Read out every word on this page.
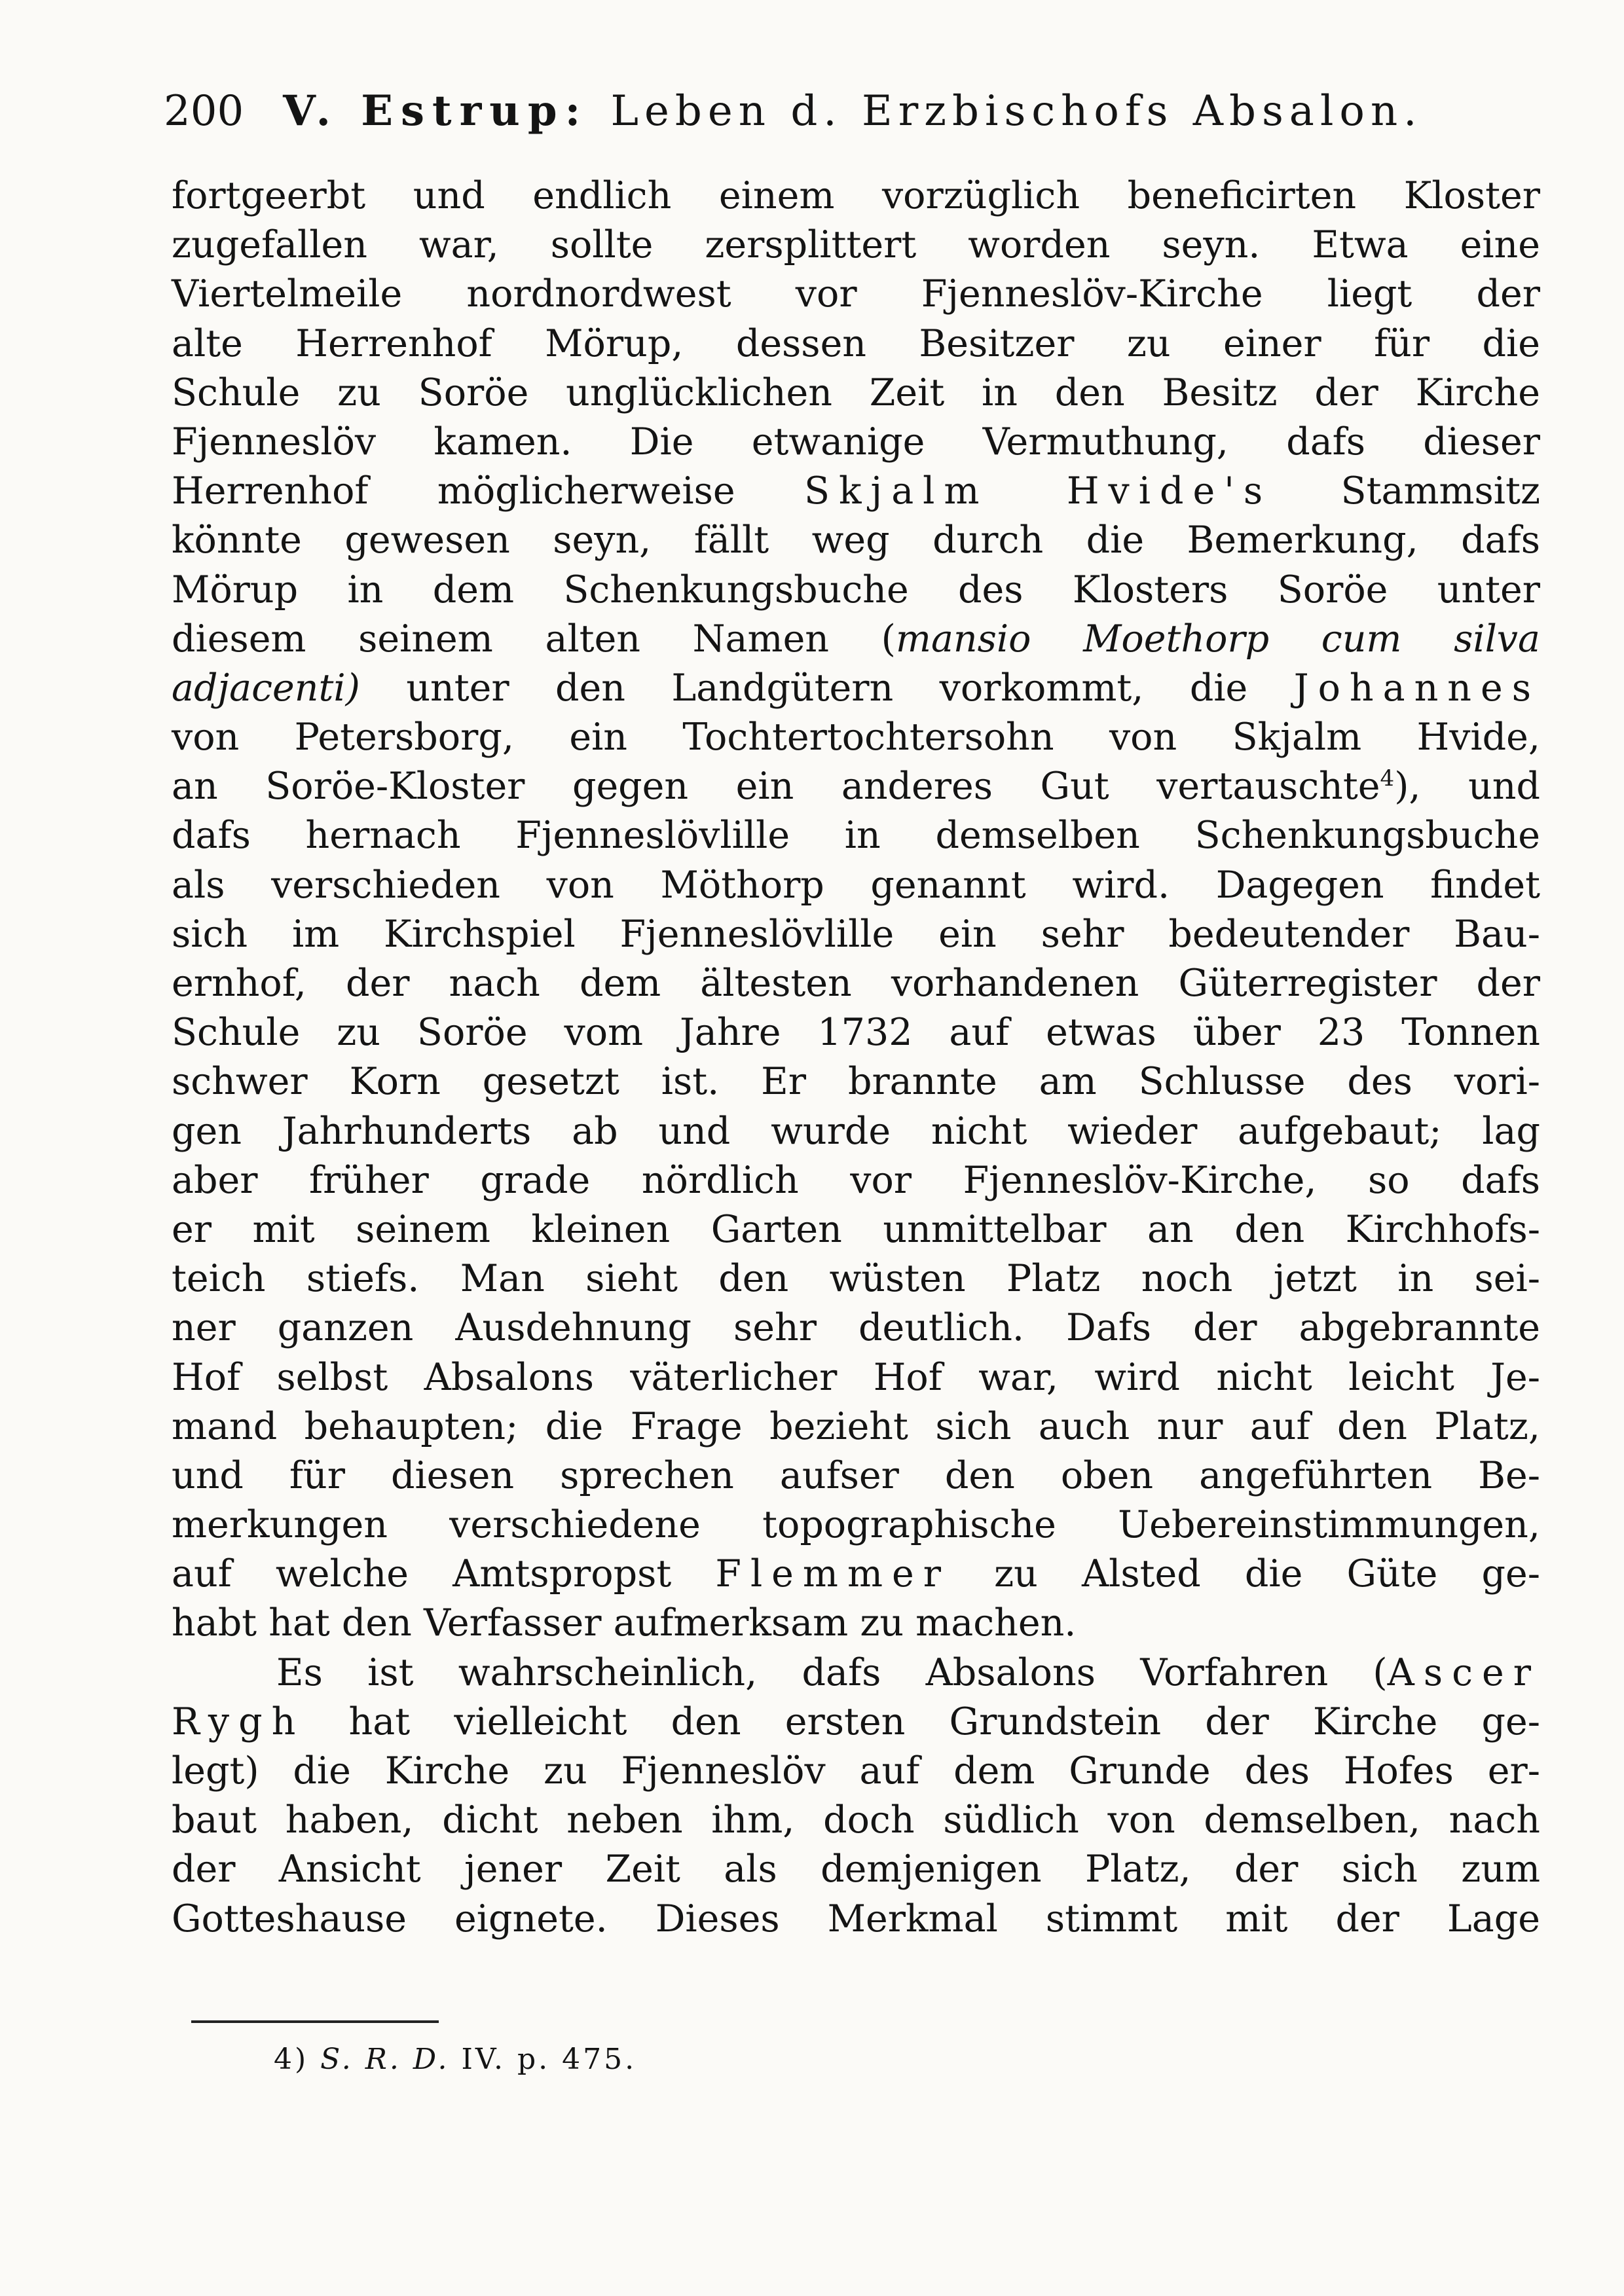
200 V. Estrup: Leben d. Erzbischofs Absalon.
fortgeerbt und endlich einem vorzüglich beneficirten Kloster
zugefallen war, sollte zersplittert worden seyn. Etwa eine
Viertelmeile nordnordwest vor Fjenneslöv-Kirche liegt der
alte Herrenhof Mörup, dessen Besitzer zu einer für die
Schule zu Soröe unglücklichen Zeit in den Besitz der Kirche
Fjenneslöv kamen. Die etwanige Vermuthung, dafs dieser
Herrenhof möglicherweise Skjalm Hvide's Stammsitz
könnte gewesen seyn, fällt weg durch die Bemerkung, dafs
Mörup in dem Schenkungsbuche des Klosters Soröe unter
diesem seinem alten Namen (mansio Moethorp cum silva
adjacenti) unter den Landgütern vorkommt, die Johannes
von Petersborg, ein Tochtertochtersohn von Skjalm Hvide,
an Soröe-Kloster gegen ein anderes Gut vertauschte$^4$), und
dafs hernach Fjenneslövlille in demselben Schenkungsbuche
als verschieden von Möthorp genannt wird. Dagegen findet
sich im Kirchspiel Fjenneslövlille ein sehr bedeutender Bau-
ernhof, der nach dem ältesten vorhandenen Güterregister der
Schule zu Soröe vom Jahre 1732 auf etwas über 23 Tonnen
schwer Korn gesetzt ist. Er brannte am Schlusse des vori-
gen Jahrhunderts ab und wurde nicht wieder aufgebaut; lag
aber früher grade nördlich vor Fjenneslöv-Kirche, so dafs
er mit seinem kleinen Garten unmittelbar an den Kirchhofs-
teich stiefs. Man sieht den wüsten Platz noch jetzt in sei-
ner ganzen Ausdehnung sehr deutlich. Dafs der abgebrannte
Hof selbst Absalons väterlicher Hof war, wird nicht leicht Je-
mand behaupten; die Frage bezieht sich auch nur auf den Platz,
und für diesen sprechen aufser den oben angeführten Be-
merkungen verschiedene topographische Uebereinstimmungen,
auf welche Amtspropst Flemmer zu Alsted die Güte ge-
habt hat den Verfasser aufmerksam zu machen.
Es ist wahrscheinlich, dafs Absalons Vorfahren (Ascer
Rygh hat vielleicht den ersten Grundstein der Kirche ge-
legt) die Kirche zu Fjenneslöv auf dem Grunde des Hofes er-
baut haben, dicht neben ihm, doch südlich von demselben, nach
der Ansicht jener Zeit als demjenigen Platz, der sich zum
Gotteshause eignete. Dieses Merkmal stimmt mit der Lage
4) S. R. D. IV. p. 475.
